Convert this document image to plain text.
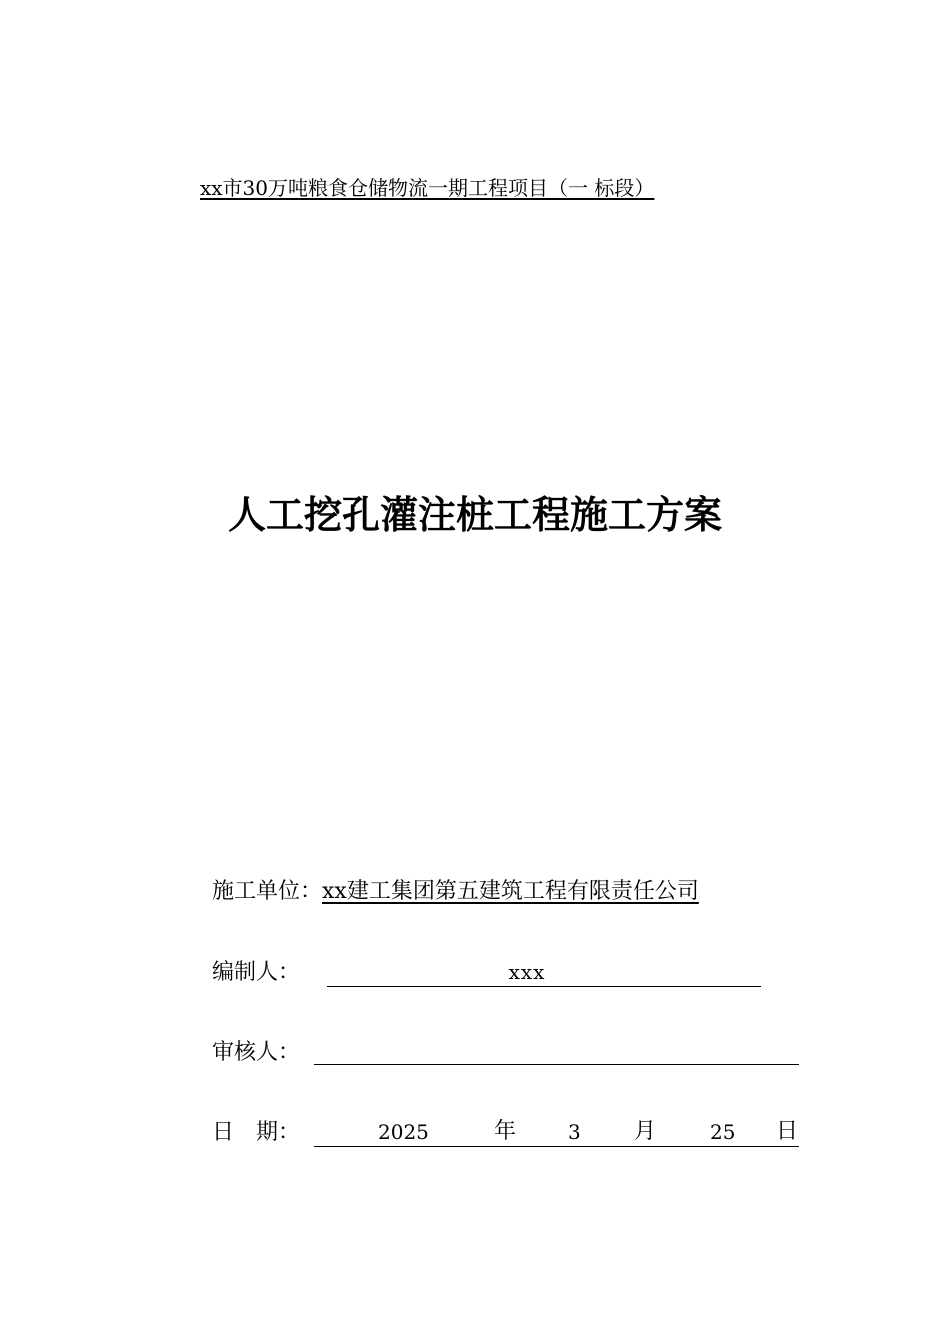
xx市30万吨粮食仓储物流一期工程项目（一 标段）
人工挖孔灌注桩工程施工方案
施工单位：xx建工集团第五建筑工程有限责任公司
编制人：	xxx
审核人：
日　期：	2025	年	3 月	25 日
